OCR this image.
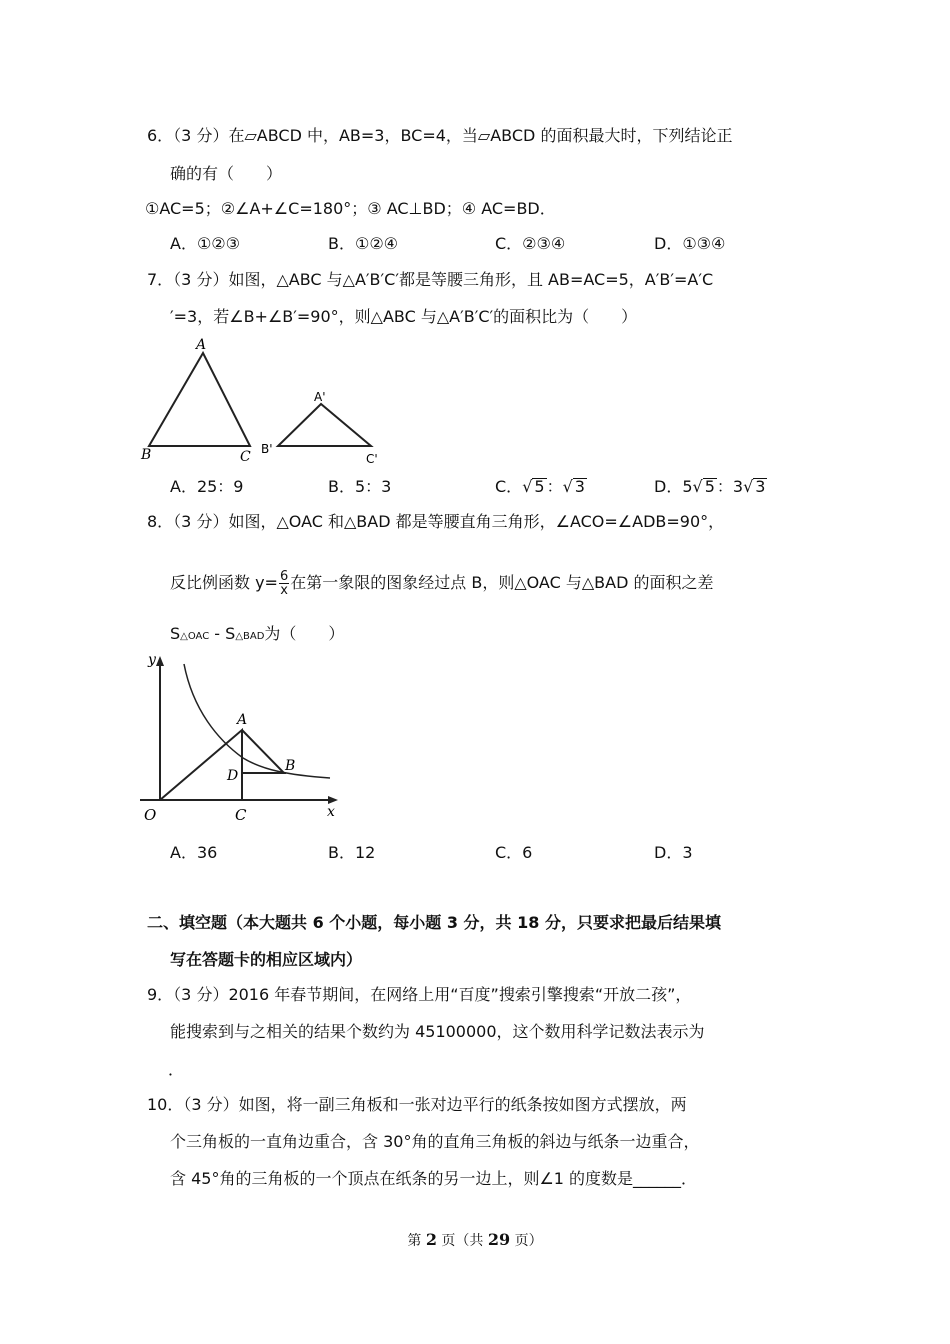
6．（3 分）在▱ABCD 中，AB=3，BC=4，当▱ABCD 的面积最大时，下列结论正
确的有（　　）
①AC=5；②∠A+∠C=180°；③ AC⊥BD；④ AC=BD．
A．①②③	B．①②④	C．②③④	D．①③④
7．（3 分）如图，△ABC 与△A′B′C′都是等腰三角形，且 AB=AC=5，A′B′=A′C
′=3，若∠B+∠B′=90°，则△ABC 与△A′B′C′的面积比为（　　）
A
B	C
A'
B'
C'
A．25：9	B．5：3	C．√ 5 ：√ 3	D．5√ 5 ：3√ 3
8．（3 分）如图，△OAC 和△BAD 都是等腰直角三角形，∠ACO=∠ADB=90°，
反比例函数 $y= \frac{6}{x}$ 在第一象限的图象经过点 B，则△OAC 与△BAD 的面积之差
S△OAC - S△BAD为（　　）
y
x
O
A
B
C
D
A．36	B．12	C．6	D．3
二、填空题（本大题共 6 个小题，每小题 3 分，共 18 分，只要求把最后结果填
写在答题卡的相应区域内）
9．（3 分）2016 年春节期间，在网络上用“百度”搜索引擎搜索“开放二孩”，
能搜索到与之相关的结果个数约为 45100000，这个数用科学记数法表示为
．
10．（3 分）如图，将一副三角板和一张对边平行的纸条按如图方式摆放，两
个三角板的一直角边重合，含 30°角的直角三角板的斜边与纸条一边重合，
含 45°角的三角板的一个顶点在纸条的另一边上，则∠1 的度数是______．
第 2 页（共 29 页）
